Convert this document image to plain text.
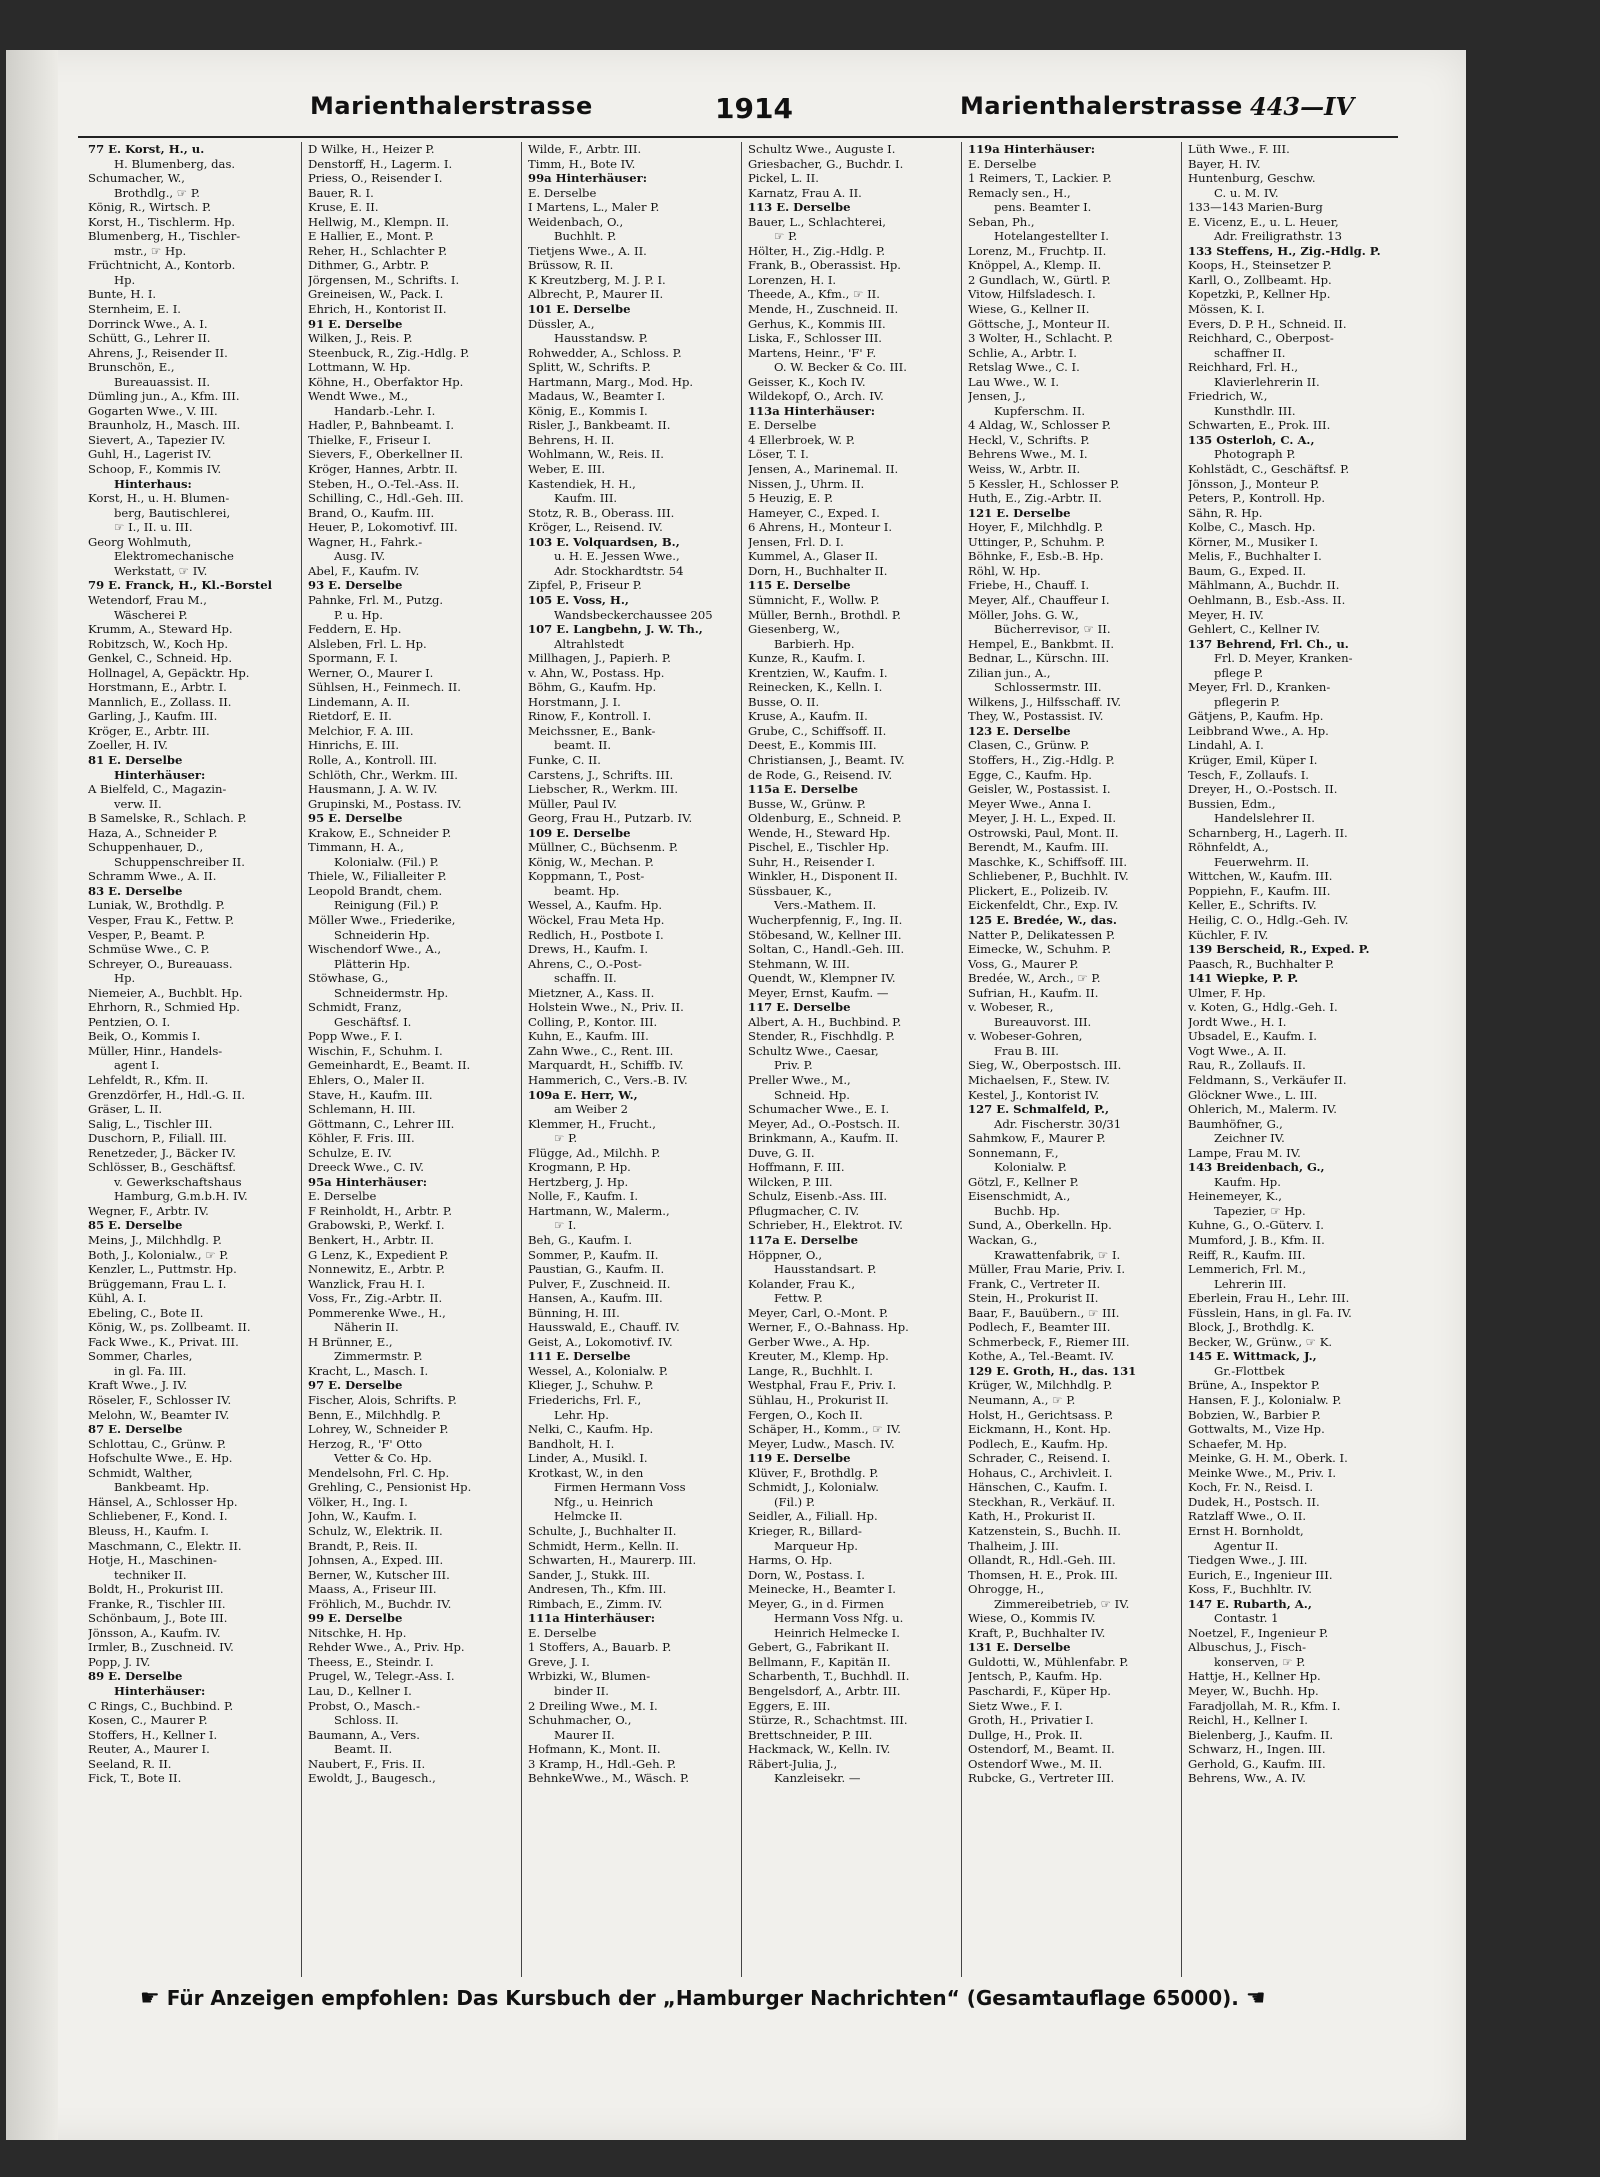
Marienthalerstrasse	1914	Marienthalerstrasse 443—IV
77 E. Korst, H., u.
H. Blumenberg, das.
Schumacher, W.,
Brothdlg., ☞ P.
König, R., Wirtsch. P.
Korst, H., Tischlerm. Hp.
Blumenberg, H., Tischler-
mstr., ☞ Hp.
Früchtnicht, A., Kontorb.
Hp.
Bunte, H. I.
Sternheim, E. I.
Dorrinck Wwe., A. I.
Schütt, G., Lehrer II.
Ahrens, J., Reisender II.
Brunschön, E.,
Bureauassist. II.
Dümling jun., A., Kfm. III.
Gogarten Wwe., V. III.
Braunholz, H., Masch. III.
Sievert, A., Tapezier IV.
Guhl, H., Lagerist IV.
Schoop, F., Kommis IV.
Hinterhaus:
Korst, H., u. H. Blumen-
berg, Bautischlerei,
☞ I., II. u. III.
Georg Wohlmuth,
Elektromechanische
Werkstatt, ☞ IV.
79 E. Franck, H., Kl.-Borstel
Wetendorf, Frau M.,
Wäscherei P.
Krumm, A., Steward Hp.
Robitzsch, W., Koch Hp.
Genkel, C., Schneid. Hp.
Hollnagel, A, Gepäcktr. Hp.
Horstmann, E., Arbtr. I.
Mannlich, E., Zollass. II.
Garling, J., Kaufm. III.
Kröger, E., Arbtr. III.
Zoeller, H. IV.
81 E. Derselbe
Hinterhäuser:
A Bielfeld, C., Magazin-
verw. II.
B Samelske, R., Schlach. P.
Haza, A., Schneider P.
Schuppenhauer, D.,
Schuppenschreiber II.
Schramm Wwe., A. II.
83 E. Derselbe
Luniak, W., Brothdlg. P.
Vesper, Frau K., Fettw. P.
Vesper, P., Beamt. P.
Schmüse Wwe., C. P.
Schreyer, O., Bureauass.
Hp.
Niemeier, A., Buchblt. Hp.
Ehrhorn, R., Schmied Hp.
Pentzien, O. I.
Beik, O., Kommis I.
Müller, Hinr., Handels-
agent I.
Lehfeldt, R., Kfm. II.
Grenzdörfer, H., Hdl.-G. II.
Gräser, L. II.
Salig, L., Tischler III.
Duschorn, P., Filiall. III.
Renetzeder, J., Bäcker IV.
Schlösser, B., Geschäftsf.
v. Gewerkschaftshaus
Hamburg, G.m.b.H. IV.
Wegner, F., Arbtr. IV.
85 E. Derselbe
Meins, J., Milchhdlg. P.
Both, J., Kolonialw., ☞ P.
Kenzler, L., Puttmstr. Hp.
Brüggemann, Frau L. I.
Kühl, A. I.
Ebeling, C., Bote II.
König, W., ps. Zollbeamt. II.
Fack Wwe., K., Privat. III.
Sommer, Charles,
in gl. Fa. III.
Kraft Wwe., J. IV.
Röseler, F., Schlosser IV.
Melohn, W., Beamter IV.
87 E. Derselbe
Schlottau, C., Grünw. P.
Hofschulte Wwe., E. Hp.
Schmidt, Walther,
Bankbeamt. Hp.
Hänsel, A., Schlosser Hp.
Schliebener, F., Kond. I.
Bleuss, H., Kaufm. I.
Maschmann, C., Elektr. II.
Hotje, H., Maschinen-
techniker II.
Boldt, H., Prokurist III.
Franke, R., Tischler III.
Schönbaum, J., Bote III.
Jönsson, A., Kaufm. IV.
Irmler, B., Zuschneid. IV.
Popp, J. IV.
89 E. Derselbe
Hinterhäuser:
C Rings, C., Buchbind. P.
Kosen, C., Maurer P.
Stoffers, H., Kellner I.
Reuter, A., Maurer I.
Seeland, R. II.
Fick, T., Bote II.
D Wilke, H., Heizer P.
Denstorff, H., Lagerm. I.
Priess, O., Reisender I.
Bauer, R. I.
Kruse, E. II.
Hellwig, M., Klempn. II.
E Hallier, E., Mont. P.
Reher, H., Schlachter P.
Dithmer, G., Arbtr. P.
Jörgensen, M., Schrifts. I.
Greineisen, W., Pack. I.
Ehrich, H., Kontorist II.
91 E. Derselbe
Wilken, J., Reis. P.
Steenbuck, R., Zig.-Hdlg. P.
Lottmann, W. Hp.
Köhne, H., Oberfaktor Hp.
Wendt Wwe., M.,
Handarb.-Lehr. I.
Hadler, P., Bahnbeamt. I.
Thielke, F., Friseur I.
Sievers, F., Oberkellner II.
Kröger, Hannes, Arbtr. II.
Steben, H., O.-Tel.-Ass. II.
Schilling, C., Hdl.-Geh. III.
Brand, O., Kaufm. III.
Heuer, P., Lokomotivf. III.
Wagner, H., Fahrk.-
Ausg. IV.
Abel, F., Kaufm. IV.
93 E. Derselbe
Pahnke, Frl. M., Putzg.
P. u. Hp.
Feddern, E. Hp.
Alsleben, Frl. L. Hp.
Spormann, F. I.
Werner, O., Maurer I.
Sühlsen, H., Feinmech. II.
Lindemann, A. II.
Rietdorf, E. II.
Melchior, F. A. III.
Hinrichs, E. III.
Rolle, A., Kontroll. III.
Schlöth, Chr., Werkm. III.
Hausmann, J. A. W. IV.
Grupinski, M., Postass. IV.
95 E. Derselbe
Krakow, E., Schneider P.
Timmann, H. A.,
Kolonialw. (Fil.) P.
Thiele, W., Filialleiter P.
Leopold Brandt, chem.
Reinigung (Fil.) P.
Möller Wwe., Friederike,
Schneiderin Hp.
Wischendorf Wwe., A.,
Plätterin Hp.
Stöwhase, G.,
Schneidermstr. Hp.
Schmidt, Franz,
Geschäftsf. I.
Popp Wwe., F. I.
Wischin, F., Schuhm. I.
Gemeinhardt, E., Beamt. II.
Ehlers, O., Maler II.
Stave, H., Kaufm. III.
Schlemann, H. III.
Göttmann, C., Lehrer III.
Köhler, F. Fris. III.
Schulze, E. IV.
Dreeck Wwe., C. IV.
95a Hinterhäuser:
E. Derselbe
F Reinholdt, H., Arbtr. P.
Grabowski, P., Werkf. I.
Benkert, H., Arbtr. II.
G Lenz, K., Expedient P.
Nonnewitz, E., Arbtr. P.
Wanzlick, Frau H. I.
Voss, Fr., Zig.-Arbtr. II.
Pommerenke Wwe., H.,
Näherin II.
H Brünner, E.,
Zimmermstr. P.
Kracht, L., Masch. I.
97 E. Derselbe
Fischer, Alois, Schrifts. P.
Benn, E., Milchhdlg. P.
Lohrey, W., Schneider P.
Herzog, R., 'F' Otto
Vetter & Co. Hp.
Mendelsohn, Frl. C. Hp.
Grehling, C., Pensionist Hp.
Völker, H., Ing. I.
John, W., Kaufm. I.
Schulz, W., Elektrik. II.
Brandt, P., Reis. II.
Johnsen, A., Exped. III.
Berner, W., Kutscher III.
Maass, A., Friseur III.
Fröhlich, M., Buchdr. IV.
99 E. Derselbe
Nitschke, H. Hp.
Rehder Wwe., A., Priv. Hp.
Theess, E., Steindr. I.
Prugel, W., Telegr.-Ass. I.
Lau, D., Kellner I.
Probst, O., Masch.-
Schloss. II.
Baumann, A., Vers.
Beamt. II.
Naubert, F., Fris. II.
Ewoldt, J., Baugesch.,
Wilde, F., Arbtr. III.
Timm, H., Bote IV.
99a Hinterhäuser:
E. Derselbe
I Martens, L., Maler P.
Weidenbach, O.,
Buchhlt. P.
Tietjens Wwe., A. II.
Brüssow, R. II.
K Kreutzberg, M. J. P. I.
Albrecht, P., Maurer II.
101 E. Derselbe
Düssler, A.,
Hausstandsw. P.
Rohwedder, A., Schloss. P.
Splitt, W., Schrifts. P.
Hartmann, Marg., Mod. Hp.
Madaus, W., Beamter I.
König, E., Kommis I.
Risler, J., Bankbeamt. II.
Behrens, H. II.
Wohlmann, W., Reis. II.
Weber, E. III.
Kastendiek, H. H.,
Kaufm. III.
Stotz, R. B., Oberass. III.
Kröger, L., Reisend. IV.
103 E. Volquardsen, B.,
u. H. E. Jessen Wwe.,
Adr. Stockhardtstr. 54
Zipfel, P., Friseur P.
105 E. Voss, H.,
Wandsbeckerchaussee 205
107 E. Langbehn, J. W. Th.,
Altrahlstedt
Millhagen, J., Papierh. P.
v. Ahn, W., Postass. Hp.
Böhm, G., Kaufm. Hp.
Horstmann, J. I.
Rinow, F., Kontroll. I.
Meichssner, E., Bank-
beamt. II.
Funke, C. II.
Carstens, J., Schrifts. III.
Liebscher, R., Werkm. III.
Müller, Paul IV.
Georg, Frau H., Putzarb. IV.
109 E. Derselbe
Müllner, C., Büchsenm. P.
König, W., Mechan. P.
Koppmann, T., Post-
beamt. Hp.
Wessel, A., Kaufm. Hp.
Wöckel, Frau Meta Hp.
Redlich, H., Postbote I.
Drews, H., Kaufm. I.
Ahrens, C., O.-Post-
schaffn. II.
Mietzner, A., Kass. II.
Holstein Wwe., N., Priv. II.
Colling, P., Kontor. III.
Kuhn, E., Kaufm. III.
Zahn Wwe., C., Rent. III.
Marquardt, H., Schiffb. IV.
Hammerich, C., Vers.-B. IV.
109a E. Herr, W.,
am Weiber 2
Klemmer, H., Frucht.,
☞ P.
Flügge, Ad., Milchh. P.
Krogmann, P. Hp.
Hertzberg, J. Hp.
Nolle, F., Kaufm. I.
Hartmann, W., Malerm.,
☞ I.
Beh, G., Kaufm. I.
Sommer, P., Kaufm. II.
Paustian, G., Kaufm. II.
Pulver, F., Zuschneid. II.
Hansen, A., Kaufm. III.
Bünning, H. III.
Hausswald, E., Chauff. IV.
Geist, A., Lokomotivf. IV.
111 E. Derselbe
Wessel, A., Kolonialw. P.
Klieger, J., Schuhw. P.
Friederichs, Frl. F.,
Lehr. Hp.
Nelki, C., Kaufm. Hp.
Bandholt, H. I.
Linder, A., Musikl. I.
Krotkast, W., in den
Firmen Hermann Voss
Nfg., u. Heinrich
Helmcke II.
Schulte, J., Buchhalter II.
Schmidt, Herm., Kelln. II.
Schwarten, H., Maurerp. III.
Sander, J., Stukk. III.
Andresen, Th., Kfm. III.
Rimbach, E., Zimm. IV.
111a Hinterhäuser:
E. Derselbe
1 Stoffers, A., Bauarb. P.
Greve, J. I.
Wrbizki, W., Blumen-
binder II.
2 Dreiling Wwe., M. I.
Schuhmacher, O.,
Maurer II.
Hofmann, K., Mont. II.
3 Kramp, H., Hdl.-Geh. P.
BehnkeWwe., M., Wäsch. P.
Schultz Wwe., Auguste I.
Griesbacher, G., Buchdr. I.
Pickel, L. II.
Karnatz, Frau A. II.
113 E. Derselbe
Bauer, L., Schlachterei,
☞ P.
Hölter, H., Zig.-Hdlg. P.
Frank, B., Oberassist. Hp.
Lorenzen, H. I.
Theede, A., Kfm., ☞ II.
Mende, H., Zuschneid. II.
Gerhus, K., Kommis III.
Liska, F., Schlosser III.
Martens, Heinr., 'F' F.
O. W. Becker & Co. III.
Geisser, K., Koch IV.
Wildekopf, O., Arch. IV.
113a Hinterhäuser:
E. Derselbe
4 Ellerbroek, W. P.
Löser, T. I.
Jensen, A., Marinemal. II.
Nissen, J., Uhrm. II.
5 Heuzig, E. P.
Hameyer, C., Exped. I.
6 Ahrens, H., Monteur I.
Jensen, Frl. D. I.
Kummel, A., Glaser II.
Dorn, H., Buchhalter II.
115 E. Derselbe
Sümnicht, F., Wollw. P.
Müller, Bernh., Brothdl. P.
Giesenberg, W.,
Barbierh. Hp.
Kunze, R., Kaufm. I.
Krentzien, W., Kaufm. I.
Reinecken, K., Kelln. I.
Busse, O. II.
Kruse, A., Kaufm. II.
Grube, C., Schiffsoff. II.
Deest, E., Kommis III.
Christiansen, J., Beamt. IV.
de Rode, G., Reisend. IV.
115a E. Derselbe
Busse, W., Grünw. P.
Oldenburg, E., Schneid. P.
Wende, H., Steward Hp.
Pischel, E., Tischler Hp.
Suhr, H., Reisender I.
Winkler, H., Disponent II.
Süssbauer, K.,
Vers.-Mathem. II.
Wucherpfennig, F., Ing. II.
Stöbesand, W., Kellner III.
Soltan, C., Handl.-Geh. III.
Stehmann, W. III.
Quendt, W., Klempner IV.
Meyer, Ernst, Kaufm. —
117 E. Derselbe
Albert, A. H., Buchbind. P.
Stender, R., Fischhdlg. P.
Schultz Wwe., Caesar,
Priv. P.
Preller Wwe., M.,
Schneid. Hp.
Schumacher Wwe., E. I.
Meyer, Ad., O.-Postsch. II.
Brinkmann, A., Kaufm. II.
Duve, G. II.
Hoffmann, F. III.
Wilcken, P. III.
Schulz, Eisenb.-Ass. III.
Pflugmacher, C. IV.
Schrieber, H., Elektrot. IV.
117a E. Derselbe
Höppner, O.,
Hausstandsart. P.
Kolander, Frau K.,
Fettw. P.
Meyer, Carl, O.-Mont. P.
Werner, F., O.-Bahnass. Hp.
Gerber Wwe., A. Hp.
Kreuter, M., Klemp. Hp.
Lange, R., Buchhlt. I.
Westphal, Frau F., Priv. I.
Sühlau, H., Prokurist II.
Fergen, O., Koch II.
Schäper, H., Komm., ☞ IV.
Meyer, Ludw., Masch. IV.
119 E. Derselbe
Klüver, F., Brothdlg. P.
Schmidt, J., Kolonialw.
(Fil.) P.
Seidler, A., Filiall. Hp.
Krieger, R., Billard-
Marqueur Hp.
Harms, O. Hp.
Dorn, W., Postass. I.
Meinecke, H., Beamter I.
Meyer, G., in d. Firmen
Hermann Voss Nfg. u.
Heinrich Helmecke I.
Gebert, G., Fabrikant II.
Bellmann, F., Kapitän II.
Scharbenth, T., Buchhdl. II.
Bengelsdorf, A., Arbtr. III.
Eggers, E. III.
Stürze, R., Schachtmst. III.
Brettschneider, P. III.
Hackmack, W., Kelln. IV.
Räbert-Julia, J.,
Kanzleisekr. —
119a Hinterhäuser:
E. Derselbe
1 Reimers, T., Lackier. P.
Remacly sen., H.,
pens. Beamter I.
Seban, Ph.,
Hotelangestellter I.
Lorenz, M., Fruchtp. II.
Knöppel, A., Klemp. II.
2 Gundlach, W., Gürtl. P.
Vitow, Hilfsladesch. I.
Wiese, G., Kellner II.
Göttsche, J., Monteur II.
3 Wolter, H., Schlacht. P.
Schlie, A., Arbtr. I.
Retslag Wwe., C. I.
Lau Wwe., W. I.
Jensen, J.,
Kupferschm. II.
4 Aldag, W., Schlosser P.
Heckl, V., Schrifts. P.
Behrens Wwe., M. I.
Weiss, W., Arbtr. II.
5 Kessler, H., Schlosser P.
Huth, E., Zig.-Arbtr. II.
121 E. Derselbe
Hoyer, F., Milchhdlg. P.
Uttinger, P., Schuhm. P.
Böhnke, F., Esb.-B. Hp.
Röhl, W. Hp.
Friebe, H., Chauff. I.
Meyer, Alf., Chauffeur I.
Möller, Johs. G. W.,
Bücherrevisor, ☞ II.
Hempel, E., Bankbmt. II.
Bednar, L., Kürschn. III.
Zilian jun., A.,
Schlossermstr. III.
Wilkens, J., Hilfsschaff. IV.
They, W., Postassist. IV.
123 E. Derselbe
Clasen, C., Grünw. P.
Stoffers, H., Zig.-Hdlg. P.
Egge, C., Kaufm. Hp.
Geisler, W., Postassist. I.
Meyer Wwe., Anna I.
Meyer, J. H. L., Exped. II.
Ostrowski, Paul, Mont. II.
Berendt, M., Kaufm. III.
Maschke, K., Schiffsoff. III.
Schliebener, P., Buchhlt. IV.
Plickert, E., Polizeib. IV.
Eickenfeldt, Chr., Exp. IV.
125 E. Bredée, W., das.
Natter P., Delikatessen P.
Eimecke, W., Schuhm. P.
Voss, G., Maurer P.
Bredée, W., Arch., ☞ P.
Sufrian, H., Kaufm. II.
v. Wobeser, R.,
Bureauvorst. III.
v. Wobeser-Gohren,
Frau B. III.
Sieg, W., Oberpostsch. III.
Michaelsen, F., Stew. IV.
Kestel, J., Kontorist IV.
127 E. Schmalfeld, P.,
Adr. Fischerstr. 30/31
Sahmkow, F., Maurer P.
Sonnemann, F.,
Kolonialw. P.
Götzl, F., Kellner P.
Eisenschmidt, A.,
Buchb. Hp.
Sund, A., Oberkelln. Hp.
Wackan, G.,
Krawattenfabrik, ☞ I.
Müller, Frau Marie, Priv. I.
Frank, C., Vertreter II.
Stein, H., Prokurist II.
Baar, F., Bauübern., ☞ III.
Podlech, F., Beamter III.
Schmerbeck, F., Riemer III.
Kothe, A., Tel.-Beamt. IV.
129 E. Groth, H., das. 131
Krüger, W., Milchhdlg. P.
Neumann, A., ☞ P.
Holst, H., Gerichtsass. P.
Eickmann, H., Kont. Hp.
Podlech, E., Kaufm. Hp.
Schrader, C., Reisend. I.
Hohaus, C., Archivleit. I.
Hänschen, C., Kaufm. I.
Steckhan, R., Verkäuf. II.
Kath, H., Prokurist II.
Katzenstein, S., Buchh. II.
Thalheim, J. III.
Ollandt, R., Hdl.-Geh. III.
Thomsen, H. E., Prok. III.
Ohrogge, H.,
Zimmereibetrieb, ☞ IV.
Wiese, O., Kommis IV.
Kraft, P., Buchhalter IV.
131 E. Derselbe
Guldotti, W., Mühlenfabr. P.
Jentsch, P., Kaufm. Hp.
Paschardi, F., Küper Hp.
Sietz Wwe., F. I.
Groth, H., Privatier I.
Dullge, H., Prok. II.
Ostendorf, M., Beamt. II.
Ostendorf Wwe., M. II.
Rubcke, G., Vertreter III.
Lüth Wwe., F. III.
Bayer, H. IV.
Huntenburg, Geschw.
C. u. M. IV.
133—143 Marien-Burg
E. Vicenz, E., u. L. Heuer,
Adr. Freiligrathstr. 13
133 Steffens, H., Zig.-Hdlg. P.
Koops, H., Steinsetzer P.
Karll, O., Zollbeamt. Hp.
Kopetzki, P., Kellner Hp.
Mössen, K. I.
Evers, D. P. H., Schneid. II.
Reichhard, C., Oberpost-
schaffner II.
Reichhard, Frl. H.,
Klavierlehrerin II.
Friedrich, W.,
Kunsthdlr. III.
Schwarten, E., Prok. III.
135 Osterloh, C. A.,
Photograph P.
Kohlstädt, C., Geschäftsf. P.
Jönsson, J., Monteur P.
Peters, P., Kontroll. Hp.
Sähn, R. Hp.
Kolbe, C., Masch. Hp.
Körner, M., Musiker I.
Melis, F., Buchhalter I.
Baum, G., Exped. II.
Mählmann, A., Buchdr. II.
Oehlmann, B., Esb.-Ass. II.
Meyer, H. IV.
Gehlert, C., Kellner IV.
137 Behrend, Frl. Ch., u.
Frl. D. Meyer, Kranken-
pflege P.
Meyer, Frl. D., Kranken-
pflegerin P.
Gätjens, P., Kaufm. Hp.
Leibbrand Wwe., A. Hp.
Lindahl, A. I.
Krüger, Emil, Küper I.
Tesch, F., Zollaufs. I.
Dreyer, H., O.-Postsch. II.
Bussien, Edm.,
Handelslehrer II.
Scharnberg, H., Lagerh. II.
Röhnfeldt, A.,
Feuerwehrm. II.
Wittchen, W., Kaufm. III.
Poppiehn, F., Kaufm. III.
Keller, E., Schrifts. IV.
Heilig, C. O., Hdlg.-Geh. IV.
Küchler, F. IV.
139 Berscheid, R., Exped. P.
Paasch, R., Buchhalter P.
141 Wiepke, P. P.
Ulmer, F. Hp.
v. Koten, G., Hdlg.-Geh. I.
Jordt Wwe., H. I.
Ubsadel, E., Kaufm. I.
Vogt Wwe., A. II.
Rau, R., Zollaufs. II.
Feldmann, S., Verkäufer II.
Glöckner Wwe., L. III.
Ohlerich, M., Malerm. IV.
Baumhöfner, G.,
Zeichner IV.
Lampe, Frau M. IV.
143 Breidenbach, G.,
Kaufm. Hp.
Heinemeyer, K.,
Tapezier, ☞ Hp.
Kuhne, G., O.-Güterv. I.
Mumford, J. B., Kfm. II.
Reiff, R., Kaufm. III.
Lemmerich, Frl. M.,
Lehrerin III.
Eberlein, Frau H., Lehr. III.
Füsslein, Hans, in gl. Fa. IV.
Block, J., Brothdlg. K.
Becker, W., Grünw., ☞ K.
145 E. Wittmack, J.,
Gr.-Flottbek
Brüne, A., Inspektor P.
Hansen, F. J., Kolonialw. P.
Bobzien, W., Barbier P.
Gottwalts, M., Vize Hp.
Schaefer, M. Hp.
Meinke, G. H. M., Oberk. I.
Meinke Wwe., M., Priv. I.
Koch, Fr. N., Reisd. I.
Dudek, H., Postsch. II.
Ratzlaff Wwe., O. II.
Ernst H. Bornholdt,
Agentur II.
Tiedgen Wwe., J. III.
Eurich, E., Ingenieur III.
Koss, F., Buchhltr. IV.
147 E. Rubarth, A.,
Contastr. 1
Noetzel, F., Ingenieur P.
Albuschus, J., Fisch-
konserven, ☞ P.
Hattje, H., Kellner Hp.
Meyer, W., Buchh. Hp.
Faradjollah, M. R., Kfm. I.
Reichl, H., Kellner I.
Bielenberg, J., Kaufm. II.
Schwarz, H., Ingen. III.
Gerhold, G., Kaufm. III.
Behrens, Ww., A. IV.
☛ Für Anzeigen empfohlen: Das Kursbuch der „Hamburger Nachrichten“ (Gesamtauflage 65000). ☚
